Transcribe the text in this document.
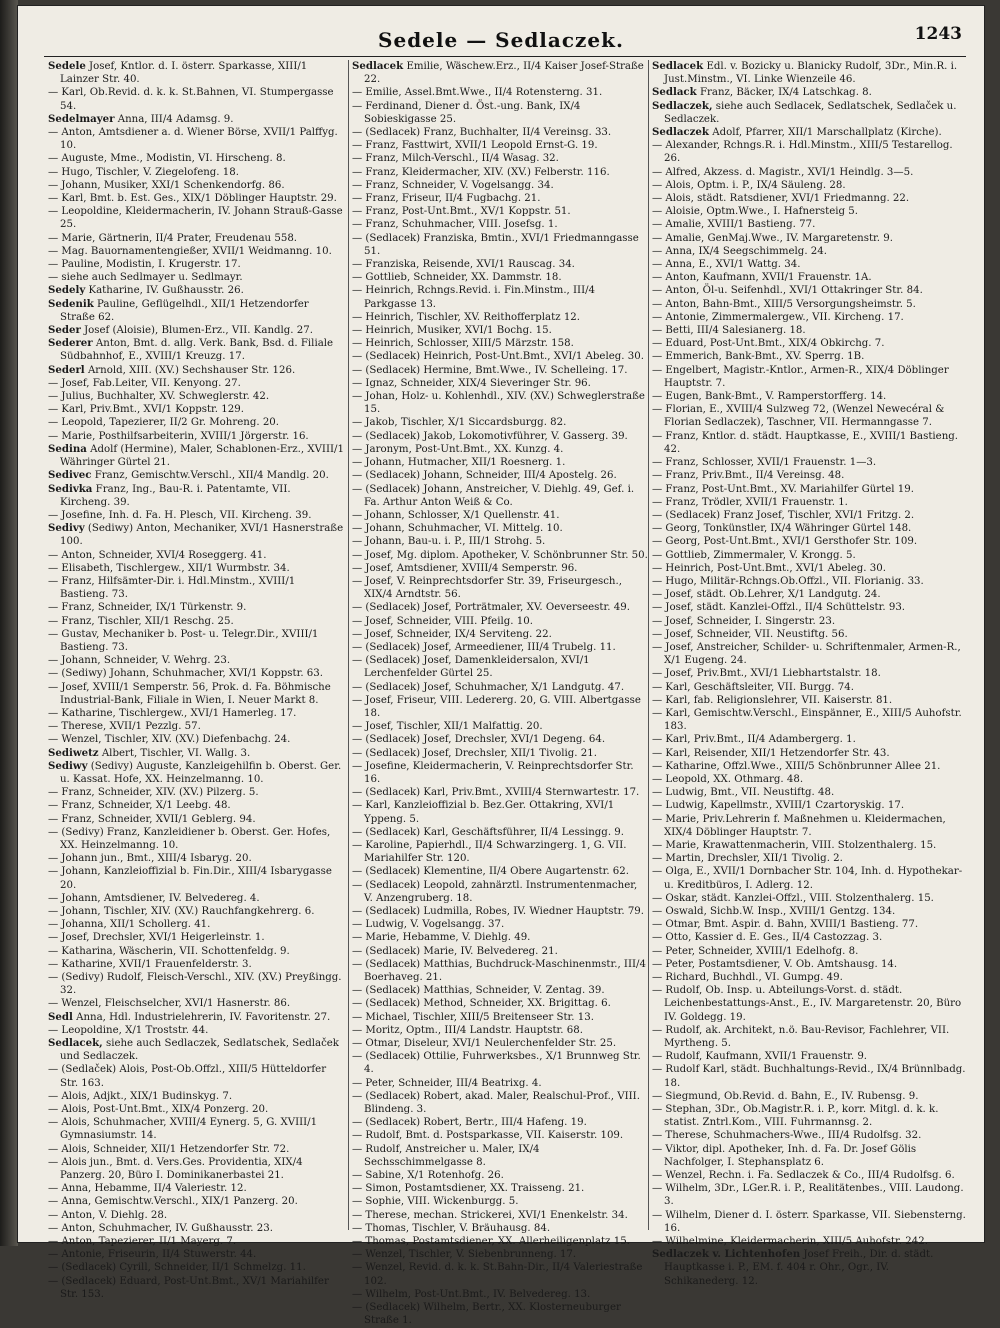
Sedele — Sedlaczek.	1243

Sedele Josef, Kntlor. d. I. österr. Sparkasse, XIII/1 Lainzer Str. 40.

— Karl, Ob.Revid. d. k. k. St.Bahnen, VI. Stumpergasse 54.

Sedelmayer Anna, III/4 Adamsg. 9.

— Anton, Amtsdiener a. d. Wiener Börse, XVII/1 Palffyg. 10.

— Auguste, Mme., Modistin, VI. Hirscheng. 8.

— Hugo, Tischler, V. Ziegelofeng. 18.

— Johann, Musiker, XXI/1 Schenkendorfg. 86.

— Karl, Bmt. b. Est. Ges., XIX/1 Döblinger Hauptstr. 29.

— Leopoldine, Kleidermacherin, IV. Johann Strauß-Gasse 25.

— Marie, Gärtnerin, II/4 Prater, Freudenau 558.

— Mag. Bauornamentengießer, XVII/1 Weidmanng. 10.

— Pauline, Modistin, I. Krugerstr. 17.

— siehe auch Sedlmayer u. Sedlmayr.

Sedely Katharine, IV. Gußhausstr. 26.

Sedenik Pauline, Geflügelhdl., XII/1 Hetzendorfer Straße 62.

Seder Josef (Aloisie), Blumen-Erz., VII. Kandlg. 27.

Sederer Anton, Bmt. d. allg. Verk. Bank, Bsd. d. Filiale Südbahnhof, E., XVIII/1 Kreuzg. 17.

Sederl Arnold, XIII. (XV.) Sechshauser Str. 126.

— Josef, Fab.Leiter, VII. Kenyong. 27.

— Julius, Buchhalter, XV. Schweglerstr. 42.

— Karl, Priv.Bmt., XVI/1 Koppstr. 129.

— Leopold, Tapezierer, II/2 Gr. Mohreng. 20.

— Marie, Posthilfsarbeiterin, XVIII/1 Jörgerstr. 16.

Sedina Adolf (Hermine), Maler, Schablonen-Erz., XVIII/1 Währinger Gürtel 21.

Sedivec Franz, Gemischtw.Verschl., XII/4 Mandlg. 20.

Sedivka Franz, Ing., Bau-R. i. Patentamte, VII. Kircheng. 39.

— Josefine, Inh. d. Fa. H. Plesch, VII. Kircheng. 39.

Sedivy (Sediwy) Anton, Mechaniker, XVI/1 Hasnerstraße 100.

— Anton, Schneider, XVI/4 Roseggerg. 41.

— Elisabeth, Tischlergew., XII/1 Wurmbstr. 34.

— Franz, Hilfsämter-Dir. i. Hdl.Minstm., XVIII/1 Bastieng. 73.

— Franz, Schneider, IX/1 Türkenstr. 9.

— Franz, Tischler, XII/1 Reschg. 25.

— Gustav, Mechaniker b. Post- u. Telegr.Dir., XVIII/1 Bastieng. 73.

— Johann, Schneider, V. Wehrg. 23.

— (Sediwy) Johann, Schuhmacher, XVI/1 Koppstr. 63.

— Josef, XVIII/1 Semperstr. 56, Prok. d. Fa. Böhmische Industrial-Bank, Filiale in Wien, I. Neuer Markt 8.

— Katharine, Tischlergew., XVI/1 Hamerleg. 17.

— Therese, XVII/1 Pezzlg. 57.

— Wenzel, Tischler, XIV. (XV.) Diefenbachg. 24.

Sediwetz Albert, Tischler, VI. Wallg. 3.

Sediwy (Sedivy) Auguste, Kanzleigehilfin b. Oberst. Ger. u. Kassat. Hofe, XX. Heinzelmanng. 10.

— Franz, Schneider, XIV. (XV.) Pilzerg. 5.

— Franz, Schneider, X/1 Leebg. 48.

— Franz, Schneider, XVII/1 Geblerg. 94.

— (Sedivy) Franz, Kanzleidiener b. Oberst. Ger. Hofes, XX. Heinzelmanng. 10.

— Johann jun., Bmt., XIII/4 Isbaryg. 20.

— Johann, Kanzleioffizial b. Fin.Dir., XIII/4 Isbarygasse 20.

— Johann, Amtsdiener, IV. Belvedereg. 4.

— Johann, Tischler, XIV. (XV.) Rauchfangkehrerg. 6.

— Johanna, XII/1 Schollerg. 41.

— Josef, Drechsler, XVI/1 Heigerleinstr. 1.

— Katharina, Wäscherin, VII. Schottenfeldg. 9.

— Katharine, XVII/1 Frauenfelderstr. 3.

— (Sedivy) Rudolf, Fleisch-Verschl., XIV. (XV.) Preyßingg. 32.

— Wenzel, Fleischselcher, XVI/1 Hasnerstr. 86.

Sedl Anna, Hdl. Industrielehrerin, IV. Favoritenstr. 27.

— Leopoldine, X/1 Troststr. 44.

Sedlacek, siehe auch Sedlaczek, Sedlatschek, Sedlaček und Sedlaczek.

— (Sedlaček) Alois, Post-Ob.Offzl., XIII/5 Hütteldorfer Str. 163.

— Alois, Adjkt., XIX/1 Budinskyg. 7.

— Alois, Post-Unt.Bmt., XIX/4 Ponzerg. 20.

— Alois, Schuhmacher, XVIII/4 Eynerg. 5, G. XVIII/1 Gymnasiumstr. 14.

— Alois, Schneider, XII/1 Hetzendorfer Str. 72.

— Alois jun., Bmt. d. Vers.Ges. Providentia, XIX/4 Panzerg. 20, Büro I. Dominikanerbastei 21.

— Anna, Hebamme, II/4 Valeriestr. 12.

— Anna, Gemischtw.Verschl., XIX/1 Panzerg. 20.

— Anton, V. Diehlg. 28.

— Anton, Schuhmacher, IV. Gußhausstr. 23.

— Anton, Tapezierer, II/1 Mayerg. 7.

— Antonie, Friseurin, II/4 Stuwerstr. 44.

— (Sedlacek) Cyrill, Schneider, II/1 Schmelzg. 11.

— (Sedlacek) Eduard, Post-Unt.Bmt., XV/1 Mariahilfer Str. 153.

Sedlacek Emilie, Wäschew.Erz., II/4 Kaiser Josef-Straße 22.

— Emilie, Assel.Bmt.Wwe., II/4 Rotensterng. 31.

— Ferdinand, Diener d. Öst.-ung. Bank, IX/4 Sobieskigasse 25.

— (Sedlacek) Franz, Buchhalter, II/4 Vereinsg. 33.

— Franz, Fasttwirt, XVII/1 Leopold Ernst-G. 19.

— Franz, Milch-Verschl., II/4 Wasag. 32.

— Franz, Kleidermacher, XIV. (XV.) Felberstr. 116.

— Franz, Schneider, V. Vogelsangg. 34.

— Franz, Friseur, II/4 Fugbachg. 21.

— Franz, Post-Unt.Bmt., XV/1 Koppstr. 51.

— Franz, Schuhmacher, VIII. Josefsg. 1.

— (Sedlacek) Franziska, Bmtin., XVI/1 Friedmanngasse 51.

— Franziska, Reisende, XVI/1 Rauscag. 34.

— Gottlieb, Schneider, XX. Dammstr. 18.

— Heinrich, Rchngs.Revid. i. Fin.Minstm., III/4 Parkgasse 13.

— Heinrich, Tischler, XV. Reithofferplatz 12.

— Heinrich, Musiker, XVI/1 Bochg. 15.

— Heinrich, Schlosser, XIII/5 Märzstr. 158.

— (Sedlacek) Heinrich, Post-Unt.Bmt., XVI/1 Abeleg. 30.

— (Sedlacek) Hermine, Bmt.Wwe., IV. Schelleing. 17.

— Ignaz, Schneider, XIX/4 Sieveringer Str. 96.

— Johan, Holz- u. Kohlenhdl., XIV. (XV.) Schweglerstraße 15.

— Jakob, Tischler, X/1 Siccardsburgg. 82.

— (Sedlacek) Jakob, Lokomotivführer, V. Gasserg. 39.

— Jaronym, Post-Unt.Bmt., XX. Kunzg. 4.

— Johann, Hutmacher, XII/1 Roesnerg. 1.

— (Sedlacek) Johann, Schneider, III/4 Apostelg. 26.

— (Sedlacek) Johann, Anstreicher, V. Diehlg. 49, Gef. i. Fa. Arthur Anton Weiß & Co.

— Johann, Schlosser, X/1 Quellenstr. 41.

— Johann, Schuhmacher, VI. Mittelg. 10.

— Johann, Bau-u. i. P., III/1 Strohg. 5.

— Josef, Mg. diplom. Apotheker, V. Schönbrunner Str. 50.

— Josef, Amtsdiener, XVIII/4 Semperstr. 96.

— Josef, V. Reinprechtsdorfer Str. 39, Friseurgesch., XIX/4 Arndtstr. 56.

— (Sedlacek) Josef, Porträtmaler, XV. Oeverseestr. 49.

— Josef, Schneider, VIII. Pfeilg. 10.

— Josef, Schneider, IX/4 Serviteng. 22.

— (Sedlacek) Josef, Armeediener, III/4 Trubelg. 11.

— (Sedlacek) Josef, Damenkleidersalon, XVI/1 Lerchenfelder Gürtel 25.

— (Sedlacek) Josef, Schuhmacher, X/1 Landgutg. 47.

— Josef, Friseur, VIII. Ledererg. 20, G. VIII. Albertgasse 18.

— Josef, Tischler, XII/1 Malfattig. 20.

— (Sedlacek) Josef, Drechsler, XVI/1 Degeng. 64.

— (Sedlacek) Josef, Drechsler, XII/1 Tivolig. 21.

— Josefine, Kleidermacherin, V. Reinprechtsdorfer Str. 16.

— (Sedlacek) Karl, Priv.Bmt., XVIII/4 Sternwartestr. 17.

— Karl, Kanzleioffizial b. Bez.Ger. Ottakring, XVI/1 Yppeng. 5.

— (Sedlacek) Karl, Geschäftsführer, II/4 Lessingg. 9.

— Karoline, Papierhdl., II/4 Schwarzingerg. 1, G. VII. Mariahilfer Str. 120.

— (Sedlacek) Klementine, II/4 Obere Augartenstr. 62.

— (Sedlacek) Leopold, zahnärztl. Instrumentenmacher, V. Anzengruberg. 18.

— (Sedlacek) Ludmilla, Robes, IV. Wiedner Hauptstr. 79.

— Ludwig, V. Vogelsangg. 37.

— Marie, Hebamme, V. Diehlg. 49.

— (Sedlacek) Marie, IV. Belvedereg. 21.

— (Sedlacek) Matthias, Buchdruck-Maschinenmstr., III/4 Boerhaveg. 21.

— (Sedlacek) Matthias, Schneider, V. Zentag. 39.

— (Sedlacek) Method, Schneider, XX. Brigittag. 6.

— Michael, Tischler, XIII/5 Breitenseer Str. 13.

— Moritz, Optm., III/4 Landstr. Hauptstr. 68.

— Otmar, Diseleur, XVI/1 Neulerchenfelder Str. 25.

— (Sedlacek) Ottilie, Fuhrwerksbes., X/1 Brunnweg Str. 4.

— Peter, Schneider, III/4 Beatrixg. 4.

— (Sedlacek) Robert, akad. Maler, Realschul-Prof., VIII. Blindeng. 3.

— (Sedlacek) Robert, Bertr., III/4 Hafeng. 19.

— Rudolf, Bmt. d. Postsparkasse, VII. Kaiserstr. 109.

— Rudolf, Anstreicher u. Maler, IX/4 Sechsschimmelgasse 8.

— Sabine, X/1 Rotenhofg. 26.

— Simon, Postamtsdiener, XX. Traisseng. 21.

— Sophie, VIII. Wickenburgg. 5.

— Therese, mechan. Strickerei, XVI/1 Enenkelstr. 34.

— Thomas, Tischler, V. Bräuhausg. 84.

— Thomas, Postamtsdiener, XX. Allerheiligenplatz 15.

— Wenzel, Tischler, V. Siebenbrunneng. 17.

— Wenzel, Revid. d. k. k. St.Bahn-Dir., II/4 Valeriestraße 102.

— Wilhelm, Post-Unt.Bmt., IV. Belvedereg. 13.

— (Sedlacek) Wilhelm, Bertr., XX. Klosterneuburger Straße 1.

Sedlacek Edl. v. Bozicky u. Blanicky Rudolf, 3Dr., Min.R. i. Just.Minstm., VI. Linke Wienzeile 46.

Sedlack Franz, Bäcker, IX/4 Latschkag. 8.

Sedlaczek, siehe auch Sedlacek, Sedlatschek, Sedlaček u. Sedlaczek.

Sedlaczek Adolf, Pfarrer, XII/1 Marschallplatz (Kirche).

— Alexander, Rchngs.R. i. Hdl.Minstm., XIII/5 Testarellog. 26.

— Alfred, Akzess. d. Magistr., XVI/1 Heindlg. 3—5.

— Alois, Optm. i. P., IX/4 Säuleng. 28.

— Alois, städt. Ratsdiener, XVI/1 Friedmanng. 22.

— Aloisie, Optm.Wwe., I. Hafnersteig 5.

— Amalie, XVIII/1 Bastieng. 77.

— Amalie, GenMaj.Wwe., IV. Margaretenstr. 9.

— Anna, IX/4 Seegschimmelg. 24.

— Anna, E., XVI/1 Wattg. 34.

— Anton, Kaufmann, XVII/1 Frauenstr. 1A.

— Anton, Öl-u. Seifenhdl., XVI/1 Ottakringer Str. 84.

— Anton, Bahn-Bmt., XIII/5 Versorgungsheimstr. 5.

— Antonie, Zimmermalergew., VII. Kircheng. 17.

— Betti, III/4 Salesianerg. 18.

— Eduard, Post-Unt.Bmt., XIX/4 Obkirchg. 7.

— Emmerich, Bank-Bmt., XV. Sperrg. 1B.

— Engelbert, Magistr.-Kntlor., Armen-R., XIX/4 Döblinger Hauptstr. 7.

— Eugen, Bank-Bmt., V. Ramperstorfferg. 14.

— Florian, E., XVIII/4 Sulzweg 72, (Wenzel Newecéral & Florian Sedlaczek), Taschner, VII. Hermanngasse 7.

— Franz, Kntlor. d. städt. Hauptkasse, E., XVIII/1 Bastieng. 42.

— Franz, Schlosser, XVII/1 Frauenstr. 1—3.

— Franz, Priv.Bmt., II/4 Vereinsg. 48.

— Franz, Post-Unt.Bmt., XV. Mariahilfer Gürtel 19.

— Franz, Trödler, XVII/1 Frauenstr. 1.

— (Sedlacek) Franz Josef, Tischler, XVI/1 Fritzg. 2.

— Georg, Tonkünstler, IX/4 Währinger Gürtel 148.

— Georg, Post-Unt.Bmt., XVI/1 Gersthofer Str. 109.

— Gottlieb, Zimmermaler, V. Krongg. 5.

— Heinrich, Post-Unt.Bmt., XVI/1 Abeleg. 30.

— Hugo, Militär-Rchngs.Ob.Offzl., VII. Florianig. 33.

— Josef, städt. Ob.Lehrer, X/1 Landgutg. 24.

— Josef, städt. Kanzlei-Offzl., II/4 Schüttelstr. 93.

— Josef, Schneider, I. Singerstr. 23.

— Josef, Schneider, VII. Neustiftg. 56.

— Josef, Anstreicher, Schilder- u. Schriftenmaler, Armen-R., X/1 Eugeng. 24.

— Josef, Priv.Bmt., XVI/1 Liebhartstalstr. 18.

— Karl, Geschäftsleiter, VII. Burgg. 74.

— Karl, fab. Religionslehrer, VII. Kaiserstr. 81.

— Karl, Gemischtw.Verschl., Einspänner, E., XIII/5 Auhofstr. 183.

— Karl, Priv.Bmt., II/4 Adambergerg. 1.

— Karl, Reisender, XII/1 Hetzendorfer Str. 43.

— Katharine, Offzl.Wwe., XIII/5 Schönbrunner Allee 21.

— Leopold, XX. Othmarg. 48.

— Ludwig, Bmt., VII. Neustiftg. 48.

— Ludwig, Kapellmstr., XVIII/1 Czartoryskig. 17.

— Marie, Priv.Lehrerin f. Maßnehmen u. Kleidermachen, XIX/4 Döblinger Hauptstr. 7.

— Marie, Krawattenmacherin, VIII. Stolzenthalerg. 15.

— Martin, Drechsler, XII/1 Tivolig. 2.

— Olga, E., XVII/1 Dornbacher Str. 104, Inh. d. Hypothekar- u. Kreditbüros, I. Adlerg. 12.

— Oskar, städt. Kanzlei-Offzl., VIII. Stolzenthalerg. 15.

— Oswald, Sichb.W. Insp., XVIII/1 Gentzg. 134.

— Otmar, Bmt. Aspir. d. Bahn, XVIII/1 Bastieng. 77.

— Otto, Kassier d. E. Ges., II/4 Castozzag. 3.

— Peter, Schneider, XVIII/1 Edelhofg. 8.

— Peter, Postamtsdiener, V. Ob. Amtshausg. 14.

— Richard, Buchhdl., VI. Gumpg. 49.

— Rudolf, Ob. Insp. u. Abteilungs-Vorst. d. städt. Leichenbestattungs-Anst., E., IV. Margaretenstr. 20, Büro IV. Goldegg. 19.

— Rudolf, ak. Architekt, n.ö. Bau-Revisor, Fachlehrer, VII. Myrtheng. 5.

— Rudolf, Kaufmann, XVII/1 Frauenstr. 9.

— Rudolf Karl, städt. Buchhaltungs-Revid., IX/4 Brünnlbadg. 18.

— Siegmund, Ob.Revid. d. Bahn, E., IV. Rubensg. 9.

— Stephan, 3Dr., Ob.Magistr.R. i. P., korr. Mitgl. d. k. k. statist. Zntrl.Kom., VIII. Fuhrmannsg. 2.

— Therese, Schuhmachers-Wwe., III/4 Rudolfsg. 32.

— Viktor, dipl. Apotheker, Inh. d. Fa. Dr. Josef Gölis Nachfolger, I. Stephansplatz 6.

— Wenzel, Rechn. i. Fa. Sedlaczek & Co., III/4 Rudolfsg. 6.

— Wilhelm, 3Dr., LGer.R. i. P., Realitätenbes., VIII. Laudong. 3.

— Wilhelm, Diener d. I. österr. Sparkasse, VII. Siebensterng. 16.

— Wilhelmine, Kleidermacherin, XIII/5 Auhofstr. 242.

Sedlaczek v. Lichtenhofen Josef Freih., Dir. d. städt. Hauptkasse i. P., EM. f. 404 r. Ohr., Ogr., IV. Schikanederg. 12.
